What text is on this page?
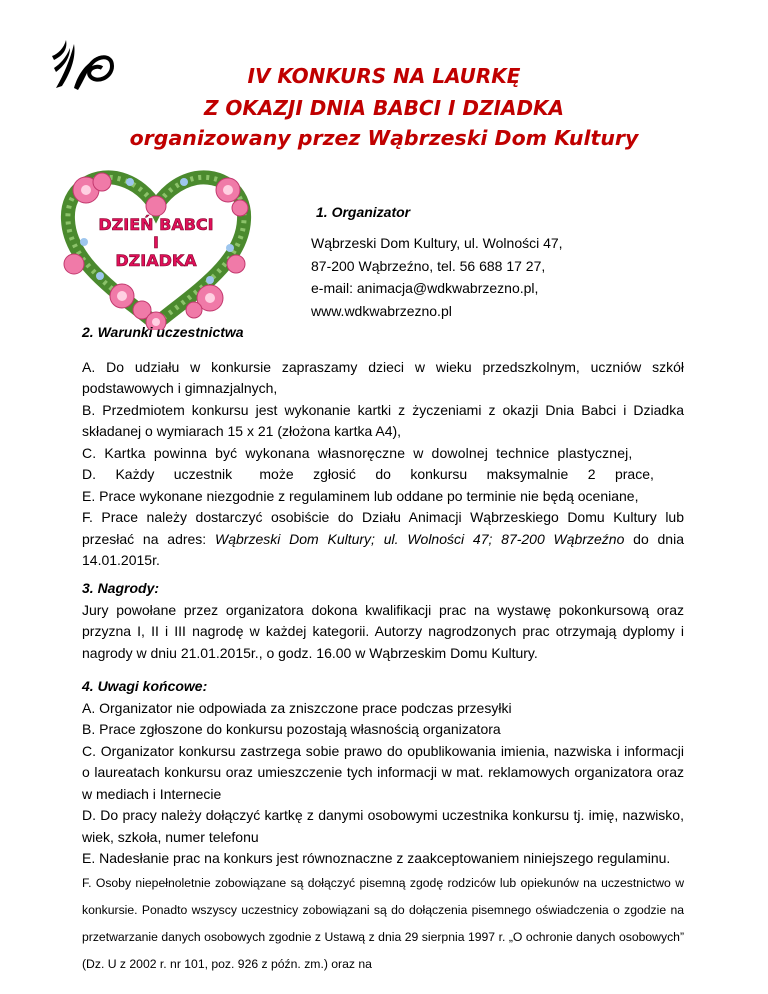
IV KONKURS NA LAURKĘ
Z OKAZJI DNIA BABCI I DZIADKA
organizowany przez Wąbrzeski Dom Kultury
DZIEŃ BABCI
I
DZIADKA
1. Organizator
Wąbrzeski Dom Kultury, ul. Wolności 47,
87-200 Wąbrzeźno, tel. 56 688 17 27,
e-mail: animacja@wdkwabrzezno.pl,
www.wdkwabrzezno.pl

2. Warunki uczestnictwa

A. Do udziału w konkursie zapraszamy dzieci w wieku przedszkolnym, uczniów szkół podstawowych i gimnazjalnych,

B. Przedmiotem konkursu jest wykonanie kartki z życzeniami z okazji Dnia Babci i Dziadka składanej o wymiarach 15 x 21 (złożona kartka A4),

C.  Kartka  powinna  być  wykonana  własnoręczne  w  dowolnej  technice  plastycznej,

D.     Każdy     uczestnik       może     zgłosić     do     konkursu     maksymalnie     2     prace,

E. Prace wykonane niezgodnie z regulaminem lub oddane po terminie nie będą oceniane,

F. Prace należy dostarczyć osobiście do Działu Animacji Wąbrzeskiego Domu Kultury lub przesłać na adres: Wąbrzeski Dom Kultury; ul. Wolności 47; 87-200 Wąbrzeźno do dnia 14.01.2015r.

3. Nagrody:

Jury powołane przez organizatora dokona kwalifikacji prac na wystawę pokonkursową oraz przyzna I, II i III nagrodę w każdej kategorii. Autorzy nagrodzonych prac otrzymają dyplomy i nagrody w dniu 21.01.2015r., o godz. 16.00 w Wąbrzeskim Domu Kultury.

4. Uwagi końcowe:

A. Organizator nie odpowiada za zniszczone prace podczas przesyłki

B. Prace zgłoszone do konkursu pozostają własnością organizatora

C. Organizator konkursu zastrzega sobie prawo do opublikowania imienia, nazwiska i informacji o laureatach konkursu oraz umieszczenie tych informacji w mat. reklamowych organizatora oraz w mediach i Internecie

D. Do pracy należy dołączyć kartkę z danymi osobowymi uczestnika konkursu tj. imię, nazwisko, wiek, szkoła, numer telefonu

E. Nadesłanie prac na konkurs jest równoznaczne z zaakceptowaniem niniejszego regulaminu.

F. Osoby niepełnoletnie zobowiązane są dołączyć pisemną zgodę rodziców lub opiekunów na uczestnictwo w konkursie. Ponadto wszyscy uczestnicy zobowiązani są do dołączenia pisemnego oświadczenia o zgodzie na przetwarzanie danych osobowych zgodnie z Ustawą z dnia 29 sierpnia 1997 r. „O ochronie danych osobowych” (Dz. U z 2002 r. nr 101, poz. 926 z późn. zm.) oraz na
